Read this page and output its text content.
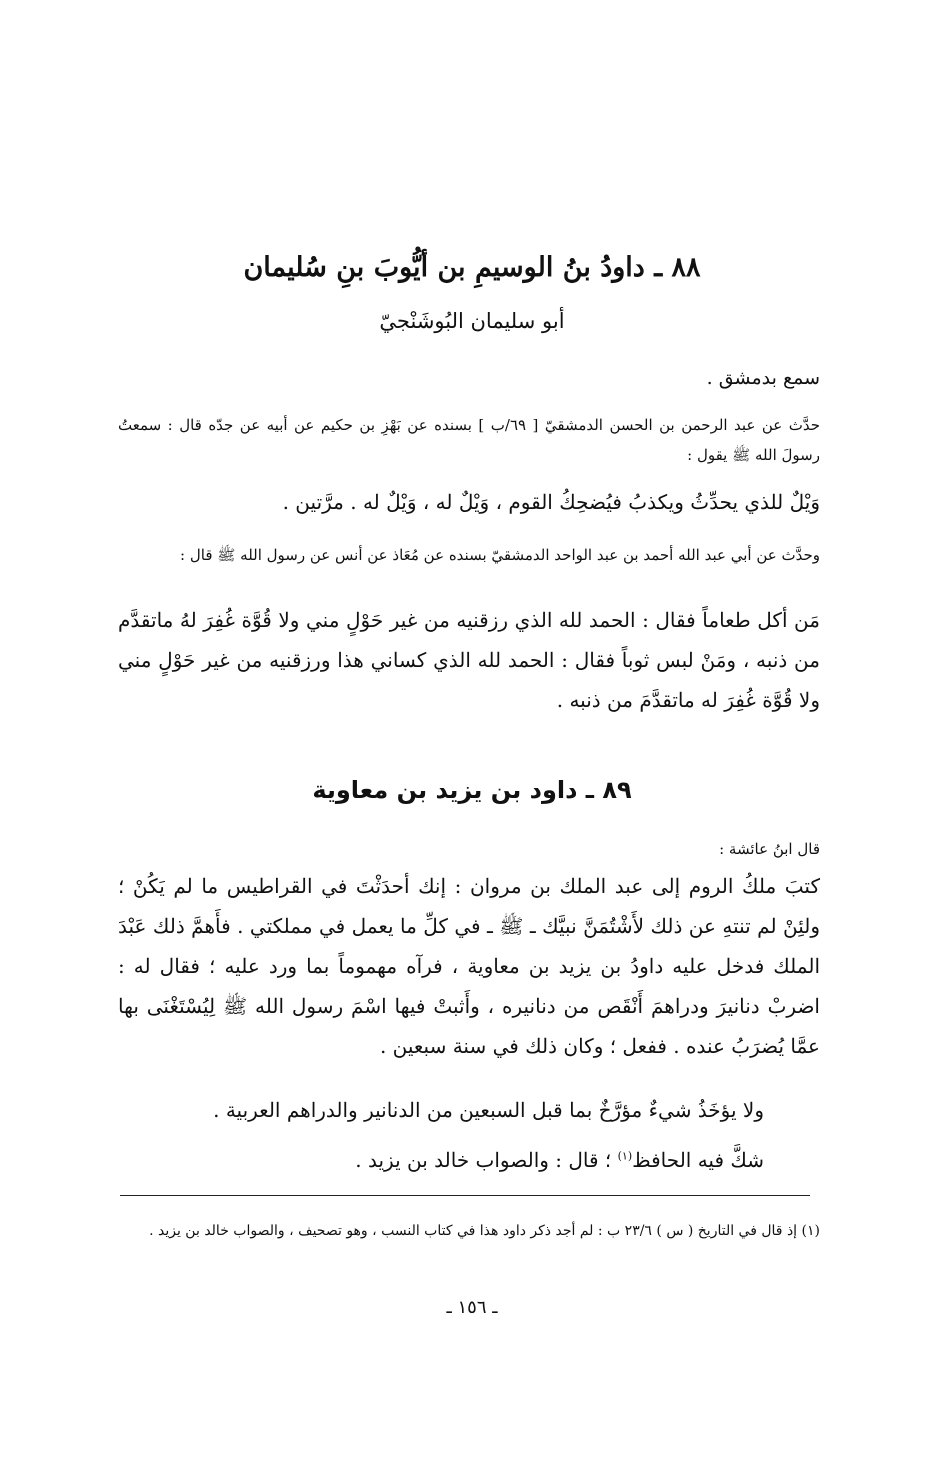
٨٨ ـ داودُ بنُ الوسيمِ بن أيُّوبَ بنِ سُليمان
أبو سليمان البُوشَنْجيّ
سمع بدمشق .
حدَّث عن عبد الرحمن بن الحسن الدمشقيّ [ ٦٩/ب ] بسنده عن بَهْزِ بن حكيم عن أبيه عن جدّه قال : سمعتُ رسولَ الله ﷺ يقول :
وَيْلٌ للذي يحدِّثُ ويكذبُ فيُضحِكُ القوم ، وَيْلٌ له ، وَيْلٌ له . مرَّتين .
وحدَّث عن أبي عبد الله أحمد بن عبد الواحد الدمشقيّ بسنده عن مُعَاذ عن أنس عن رسول الله ﷺ قال :
مَن أكل طعاماً فقال : الحمد لله الذي رزقنيه من غير حَوْلٍ مني ولا قُوَّة غُفِرَ لهُ ماتقدَّم من ذنبه ، ومَنْ لبس ثوباً فقال : الحمد لله الذي كساني هذا ورزقنيه من غير حَوْلٍ مني ولا قُوَّة غُفِرَ له ماتقدَّمَ من ذنبه .
٨٩ ـ داود بن يزيد بن معاوية
قال ابنُ عائشة :
كتبَ ملكُ الروم إلى عبد الملك بن مروان : إنك أحدَثْتَ في القراطيس ما لم يَكُنْ ؛ ولئِنْ لم تنتهِ عن ذلك لأَشْتُمَنَّ نبيَّك ـ ﷺ ـ في كلِّ ما يعمل في مملكتي . فأَهمَّ ذلك عَبْدَ الملك فدخل عليه داودُ بن يزيد بن معاوية ، فرآه مهموماً بما ورد عليه ؛ فقال له : اضربْ دنانيرَ ودراهمَ أَنْقَص من دنانيره ، وأَثبتْ فيها اسْمَ رسول الله ﷺ لِيُسْتَغْنَى بها عمَّا يُضرَبُ عنده . ففعل ؛ وكان ذلك في سنة سبعين .
ولا يؤخَذُ شيءٌ مؤرَّخٌ بما قبل السبعين من الدنانير والدراهم العربية .
شكَّ فيه الحافظ$^{(١)}$ ؛ قال : والصواب خالد بن يزيد .
(١) إذ قال في التاريخ ( س ) ٢٣/٦ ب : لم أجد ذكر داود هذا في كتاب النسب ، وهو تصحيف ، والصواب خالد بن يزيد .
ـ ١٥٦ ـ
